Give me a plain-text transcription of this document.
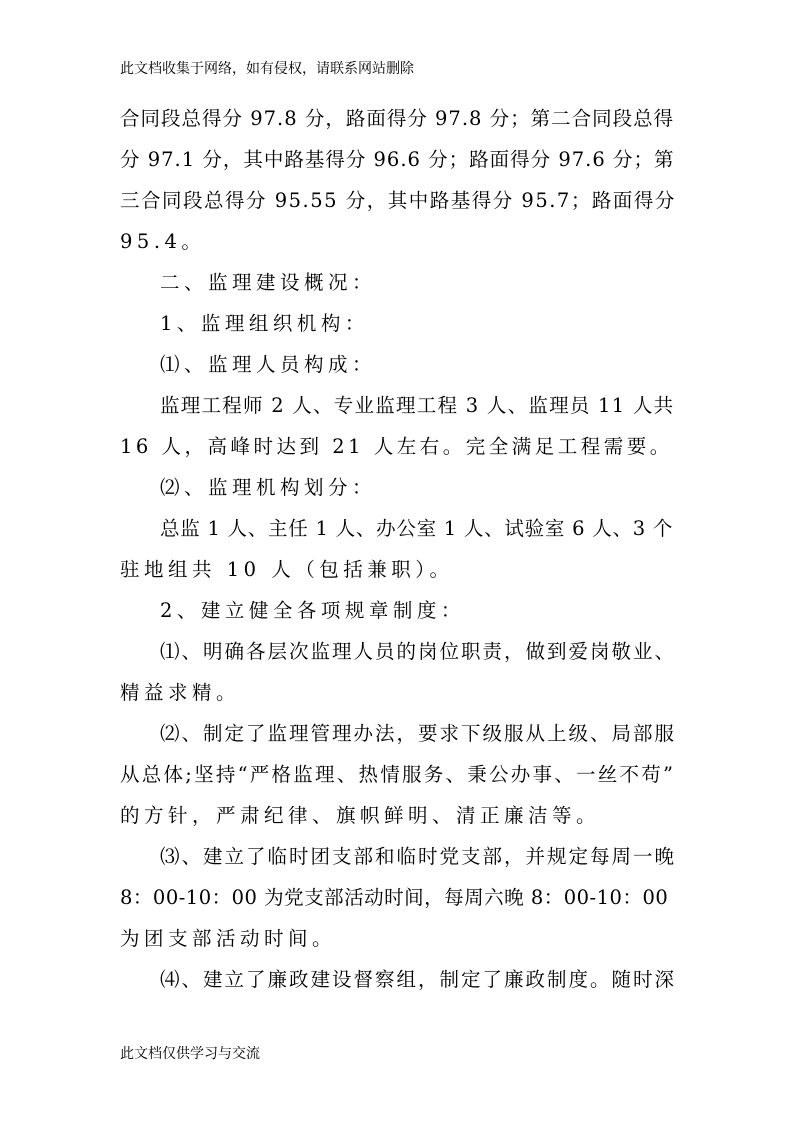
此文档收集于网络，如有侵权，请联系网站删除
合同段总得分 97.8 分，路面得分 97.8 分；第二合同段总得
分 97.1 分，其中路基得分 96.6 分；路面得分 97.6 分；第
三合同段总得分 95.55 分，其中路基得分 95.7；路面得分
95.4。
二、监理建设概况：
1、监理组织机构：
⑴、监理人员构成：
监理工程师 2 人、专业监理工程 3 人、监理员 11 人共
16 人，高峰时达到 21 人左右。完全满足工程需要。
⑵、监理机构划分：
总监 1 人、主任 1 人、办公室 1 人、试验室 6 人、3 个
驻地组共 10 人（包括兼职）。
2、建立健全各项规章制度：
⑴、明确各层次监理人员的岗位职责，做到爱岗敬业、
精益求精。
⑵、制定了监理管理办法，要求下级服从上级、局部服
从总体;坚持“严格监理、热情服务、秉公办事、一丝不苟”
的方针，严肃纪律、旗帜鲜明、清正廉洁等。
⑶、建立了临时团支部和临时党支部，并规定每周一晚
8：00-10：00 为党支部活动时间，每周六晚 8：00-10：00
为团支部活动时间。
⑷、建立了廉政建设督察组，制定了廉政制度。随时深
此文档仅供学习与交流
